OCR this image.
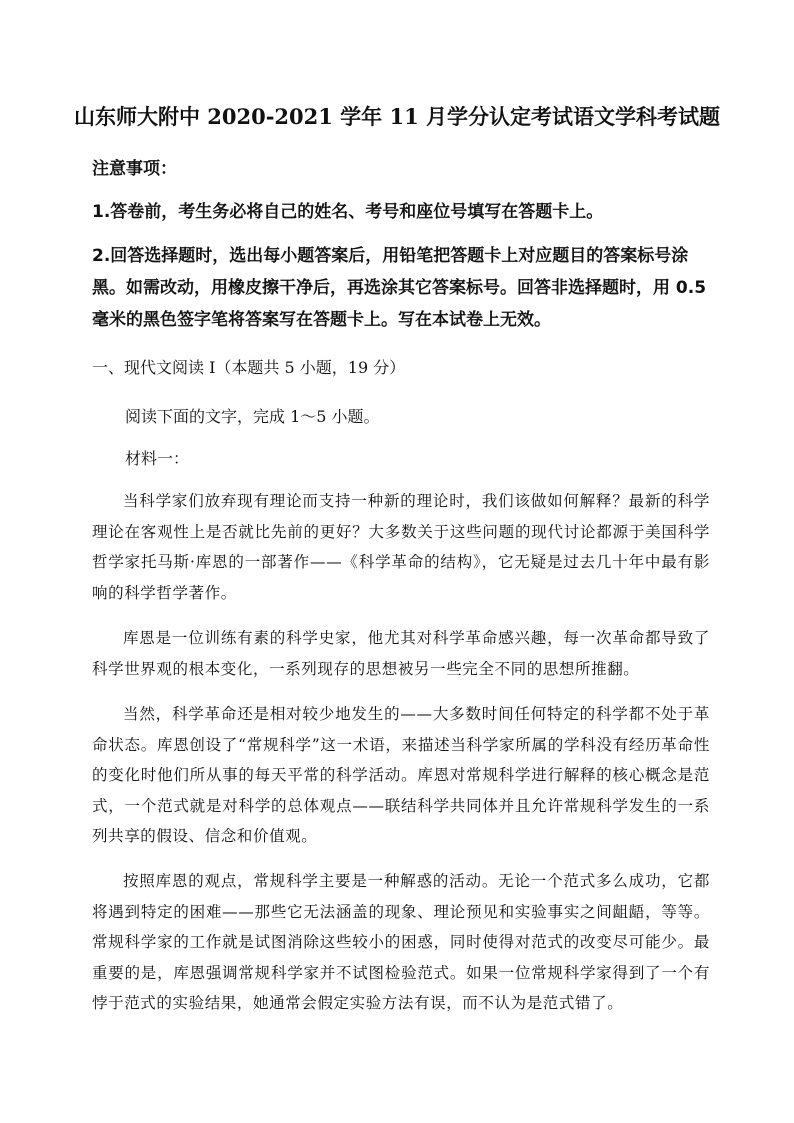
山东师大附中 2020-2021 学年 11 月学分认定考试语文学科考试题

注意事项：

1.答卷前，考生务必将自己的姓名、考号和座位号填写在答题卡上。

2.回答选择题时，选出每小题答案后，用铅笔把答题卡上对应题目的答案标号涂黑。如需改动，用橡皮擦干净后，再选涂其它答案标号。回答非选择题时，用 0.5 毫米的黑色签字笔将答案写在答题卡上。写在本试卷上无效。

一、现代文阅读 I（本题共 5 小题，19 分）

阅读下面的文字，完成 1～5 小题。

材料一：

当科学家们放弃现有理论而支持一种新的理论时，我们该做如何解释？最新的科学理论在客观性上是否就比先前的更好？大多数关于这些问题的现代讨论都源于美国科学哲学家托马斯·库恩的一部著作——《科学革命的结构》，它无疑是过去几十年中最有影响的科学哲学著作。

库恩是一位训练有素的科学史家，他尤其对科学革命感兴趣，每一次革命都导致了科学世界观的根本变化，一系列现存的思想被另一些完全不同的思想所推翻。

当然，科学革命还是相对较少地发生的——大多数时间任何特定的科学都不处于革命状态。库恩创设了“常规科学”这一术语，来描述当科学家所属的学科没有经历革命性的变化时他们所从事的每天平常的科学活动。库恩对常规科学进行解释的核心概念是范式，一个范式就是对科学的总体观点——联结科学共同体并且允许常规科学发生的一系列共享的假设、信念和价值观。

按照库恩的观点，常规科学主要是一种解惑的活动。无论一个范式多么成功，它都将遇到特定的困难——那些它无法涵盖的现象、理论预见和实验事实之间龃龉，等等。常规科学家的工作就是试图消除这些较小的困惑，同时使得对范式的改变尽可能少。最重要的是，库恩强调常规科学家并不试图检验范式。如果一位常规科学家得到了一个有悖于范式的实验结果，她通常会假定实验方法有误，而不认为是范式错了。
